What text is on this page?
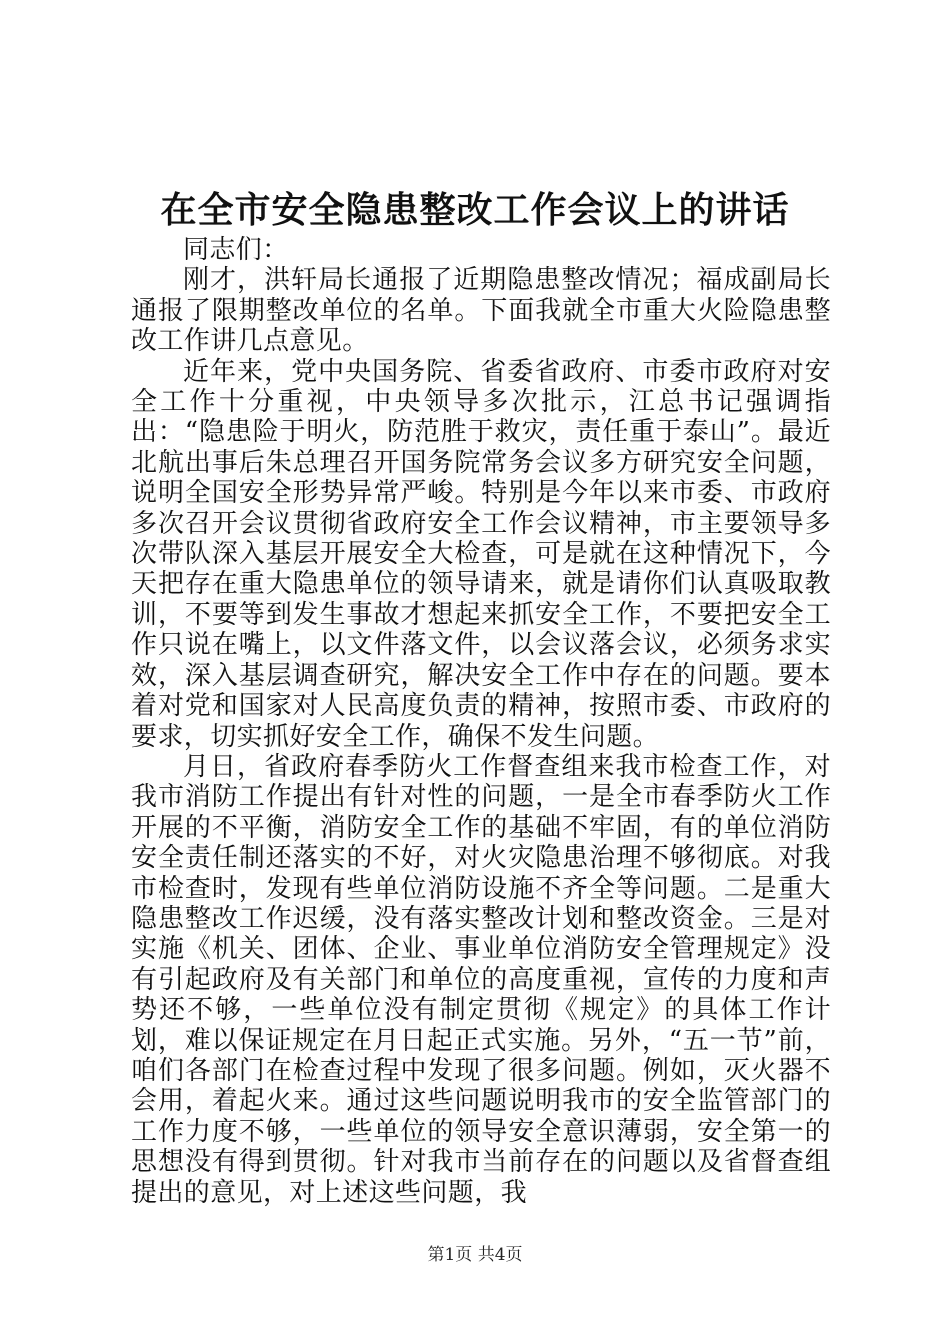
在全市安全隐患整改工作会议上的讲话

同志们：

刚才，洪轩局长通报了近期隐患整改情况；福成副局长通报了限期整改单位的名单。下面我就全市重大火险隐患整改工作讲几点意见。

近年来，党中央国务院、省委省政府、市委市政府对安全工作十分重视，中央领导多次批示，江总书记强调指出：“隐患险于明火，防范胜于救灾，责任重于泰山”。最近北航出事后朱总理召开国务院常务会议多方研究安全问题，说明全国安全形势异常严峻。特别是今年以来市委、市政府多次召开会议贯彻省政府安全工作会议精神，市主要领导多次带队深入基层开展安全大检查，可是就在这种情况下，今天把存在重大隐患单位的领导请来，就是请你们认真吸取教训，不要等到发生事故才想起来抓安全工作，不要把安全工作只说在嘴上，以文件落文件，以会议落会议，必须务求实效，深入基层调查研究，解决安全工作中存在的问题。要本着对党和国家对人民高度负责的精神，按照市委、市政府的要求，切实抓好安全工作，确保不发生问题。

月日，省政府春季防火工作督查组来我市检查工作，对我市消防工作提出有针对性的问题，一是全市春季防火工作开展的不平衡，消防安全工作的基础不牢固，有的单位消防安全责任制还落实的不好，对火灾隐患治理不够彻底。对我市检查时，发现有些单位消防设施不齐全等问题。二是重大隐患整改工作迟缓，没有落实整改计划和整改资金。三是对实施《机关、团体、企业、事业单位消防安全管理规定》没有引起政府及有关部门和单位的高度重视，宣传的力度和声势还不够，一些单位没有制定贯彻《规定》的具体工作计划，难以保证规定在月日起正式实施。另外，“五一节”前，咱们各部门在检查过程中发现了很多问题。例如，灭火器不会用，着起火来。通过这些问题说明我市的安全监管部门的工作力度不够，一些单位的领导安全意识薄弱，安全第一的思想没有得到贯彻。针对我市当前存在的问题以及省督查组提出的意见，对上述这些问题，我

第1页 共4页
